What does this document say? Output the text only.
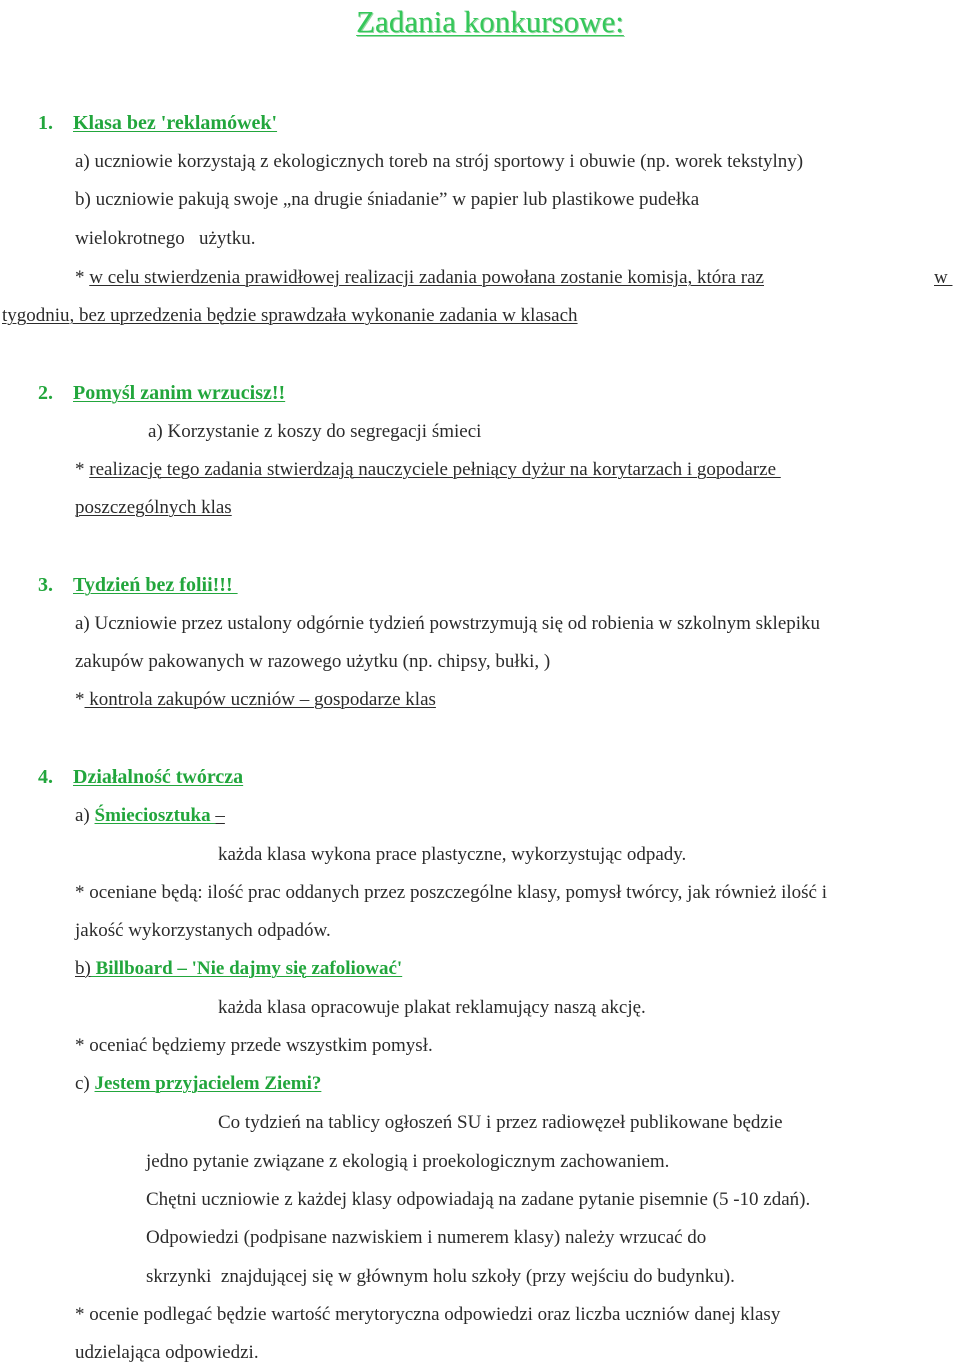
Zadania konkursowe:
1. Klasa bez 'reklamówek'
a) uczniowie korzystają z ekologicznych toreb na strój sportowy i obuwie (np. worek tekstylny)
b) uczniowie pakują swoje „na drugie śniadanie” w papier lub plastikowe pudełka
wielokrotnego   użytku.
* w celu stwierdzenia prawidłowej realizacji zadania powołana zostanie komisja, która raz	w
tygodniu, bez uprzedzenia będzie sprawdzała wykonanie zadania w klasach
2. Pomyśl zanim wrzucisz!!
a) Korzystanie z koszy do segregacji śmieci
* realizację tego zadania stwierdzają nauczyciele pełniący dyżur na korytarzach i gopodarze
poszczególnych klas
3. Tydzień bez folii!!!
a) Uczniowie przez ustalony odgórnie tydzień powstrzymują się od robienia w szkolnym sklepiku
zakupów pakowanych w razowego użytku (np. chipsy, bułki, )
* kontrola zakupów uczniów – gospodarze klas
4. Działalność twórcza
a) Śmieciosztuka –
każda klasa wykona prace plastyczne, wykorzystując odpady.
* oceniane będą: ilość prac oddanych przez poszczególne klasy, pomysł twórcy, jak również ilość i
jakość wykorzystanych odpadów.
b) Billboard – 'Nie dajmy się zafoliować'
każda klasa opracowuje plakat reklamujący naszą akcję.
* oceniać będziemy przede wszystkim pomysł.
c) Jestem przyjacielem Ziemi?
Co tydzień na tablicy ogłoszeń SU i przez radiowęzeł publikowane będzie
jedno pytanie związane z ekologią i proekologicznym zachowaniem.
Chętni uczniowie z każdej klasy odpowiadają na zadane pytanie pisemnie (5 -10 zdań).
Odpowiedzi (podpisane nazwiskiem i numerem klasy) należy wrzucać do
skrzynki  znajdującej się w głównym holu szkoły (przy wejściu do budynku).
* ocenie podlegać będzie wartość merytoryczna odpowiedzi oraz liczba uczniów danej klasy
udzielająca odpowiedzi.
